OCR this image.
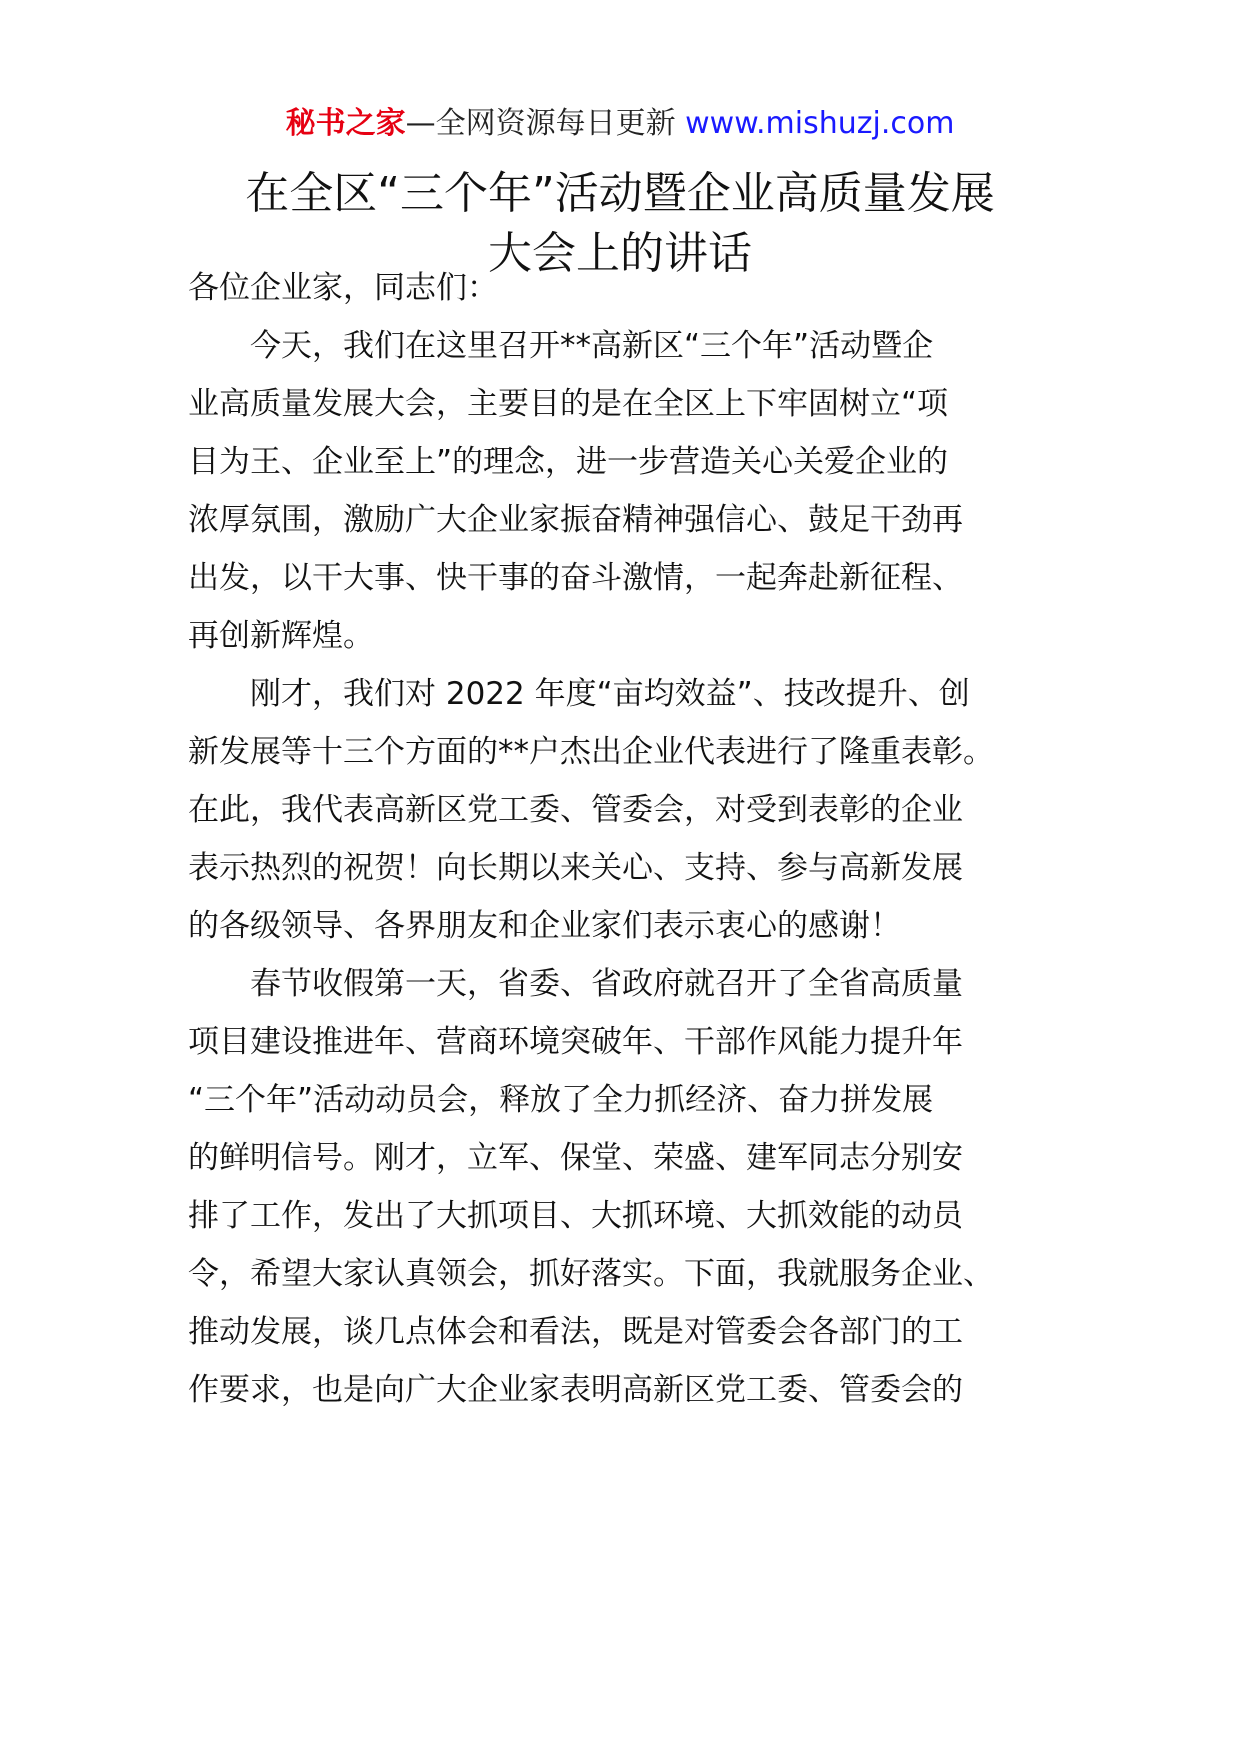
秘书之家—全网资源每日更新 www.mishuzj.com
在全区“三个年”活动暨企业高质量发展
大会上的讲话
各位企业家，同志们：
　　今天，我们在这里召开**高新区“三个年”活动暨企
业高质量发展大会，主要目的是在全区上下牢固树立“项
目为王、企业至上”的理念，进一步营造关心关爱企业的
浓厚氛围，激励广大企业家振奋精神强信心、鼓足干劲再
出发，以干大事、快干事的奋斗激情，一起奔赴新征程、
再创新辉煌。
　　刚才，我们对 2022 年度“亩均效益”、技改提升、创
新发展等十三个方面的**户杰出企业代表进行了隆重表彰。
在此，我代表高新区党工委、管委会，对受到表彰的企业
表示热烈的祝贺！向长期以来关心、支持、参与高新发展
的各级领导、各界朋友和企业家们表示衷心的感谢！
　　春节收假第一天，省委、省政府就召开了全省高质量
项目建设推进年、营商环境突破年、干部作风能力提升年
“三个年”活动动员会，释放了全力抓经济、奋力拼发展
的鲜明信号。刚才，立军、保堂、荣盛、建军同志分别安
排了工作，发出了大抓项目、大抓环境、大抓效能的动员
令，希望大家认真领会，抓好落实。下面，我就服务企业、
推动发展，谈几点体会和看法，既是对管委会各部门的工
作要求，也是向广大企业家表明高新区党工委、管委会的
